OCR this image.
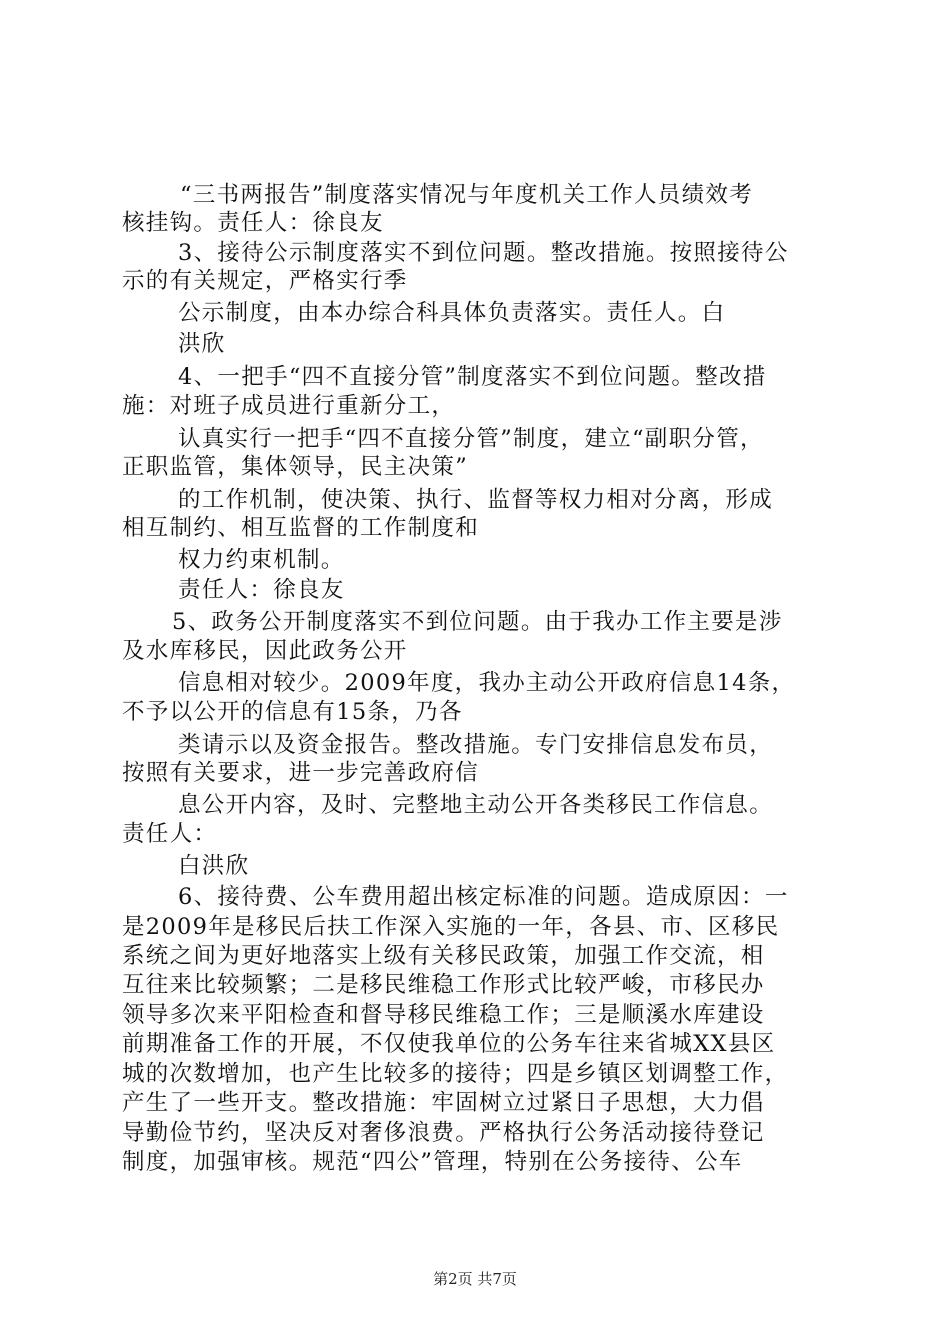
“三书两报告”制度落实情况与年度机关工作人员绩效考
核挂钩。责任人：徐良友
3、接待公示制度落实不到位问题。整改措施。按照接待公
示的有关规定，严格实行季
公示制度，由本办综合科具体负责落实。责任人。白
洪欣
4、一把手“四不直接分管”制度落实不到位问题。整改措
施：对班子成员进行重新分工，
认真实行一把手“四不直接分管”制度，建立“副职分管，
正职监管，集体领导，民主决策”
的工作机制，使决策、执行、监督等权力相对分离，形成
相互制约、相互监督的工作制度和
权力约束机制。
责任人：徐良友
5、政务公开制度落实不到位问题。由于我办工作主要是涉
及水库移民，因此政务公开
信息相对较少。2009年度，我办主动公开政府信息14条，
不予以公开的信息有15条，乃各
类请示以及资金报告。整改措施。专门安排信息发布员，
按照有关要求，进一步完善政府信
息公开内容，及时、完整地主动公开各类移民工作信息。
责任人：
白洪欣
6、接待费、公车费用超出核定标准的问题。造成原因：一
是2009年是移民后扶工作深入实施的一年，各县、市、区移民
系统之间为更好地落实上级有关移民政策，加强工作交流，相
互往来比较频繁；二是移民维稳工作形式比较严峻，市移民办
领导多次来平阳检查和督导移民维稳工作；三是顺溪水库建设
前期准备工作的开展，不仅使我单位的公务车往来省城XX县区
城的次数增加，也产生比较多的接待；四是乡镇区划调整工作，
产生了一些开支。整改措施：牢固树立过紧日子思想，大力倡
导勤俭节约，坚决反对奢侈浪费。严格执行公务活动接待登记
制度，加强审核。规范“四公”管理，特别在公务接待、公车
第2页 共7页
